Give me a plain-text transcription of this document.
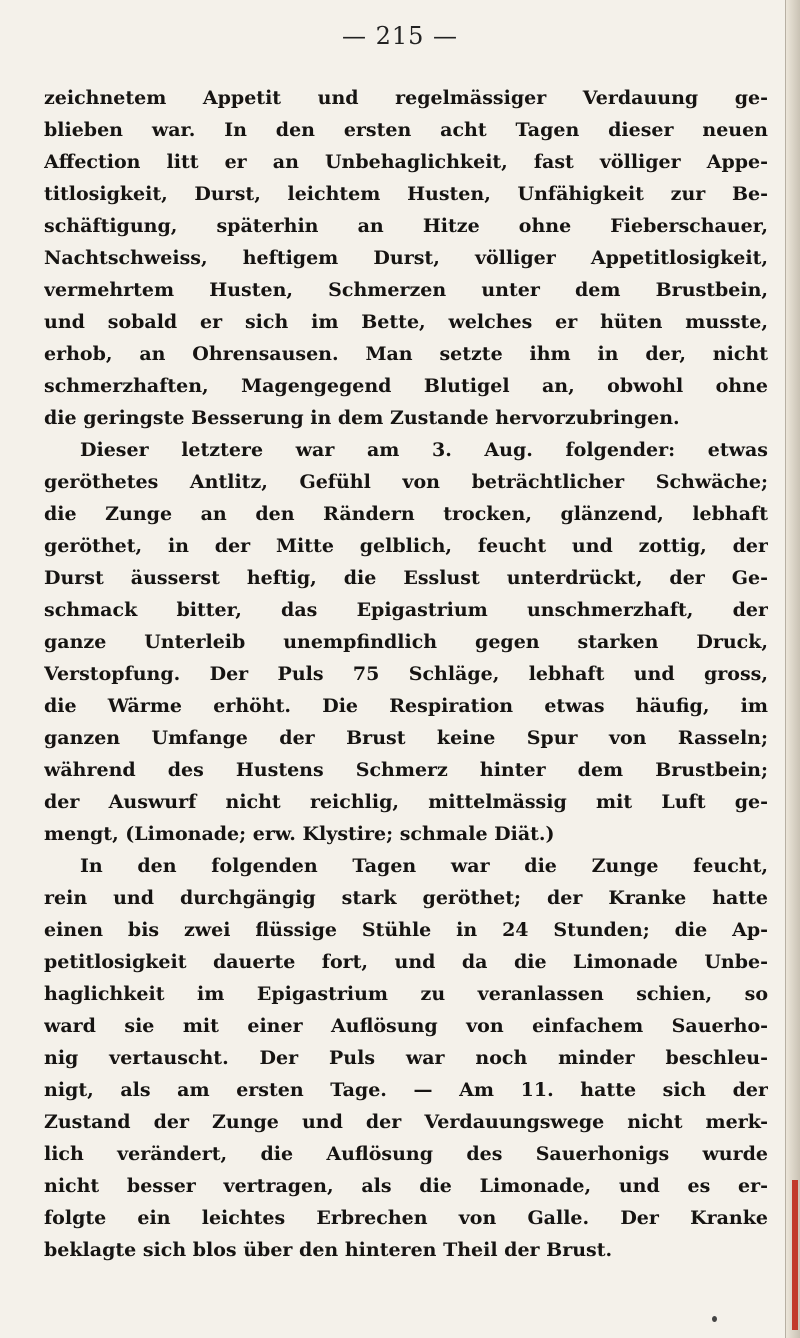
— 215 —
zeichnetem Appetit und regelmässiger Verdauung ge-
blieben war. In den ersten acht Tagen dieser neuen
Affection litt er an Unbehaglichkeit, fast völliger Appe-
titlosigkeit, Durst, leichtem Husten, Unfähigkeit zur Be-
schäftigung, späterhin an Hitze ohne Fieberschauer,
Nachtschweiss, heftigem Durst, völliger Appetitlosigkeit,
vermehrtem Husten, Schmerzen unter dem Brustbein,
und sobald er sich im Bette, welches er hüten musste,
erhob, an Ohrensausen. Man setzte ihm in der, nicht
schmerzhaften, Magengegend Blutigel an, obwohl ohne
die geringste Besserung in dem Zustande hervorzubringen.
Dieser letztere war am 3. Aug. folgender: etwas
geröthetes Antlitz, Gefühl von beträchtlicher Schwäche;
die Zunge an den Rändern trocken, glänzend, lebhaft
geröthet, in der Mitte gelblich, feucht und zottig, der
Durst äusserst heftig, die Esslust unterdrückt, der Ge-
schmack bitter, das Epigastrium unschmerzhaft, der
ganze Unterleib unempfindlich gegen starken Druck,
Verstopfung. Der Puls 75 Schläge, lebhaft und gross,
die Wärme erhöht. Die Respiration etwas häufig, im
ganzen Umfange der Brust keine Spur von Rasseln;
während des Hustens Schmerz hinter dem Brustbein;
der Auswurf nicht reichlig, mittelmässig mit Luft ge-
mengt, (Limonade; erw. Klystire; schmale Diät.)
In den folgenden Tagen war die Zunge feucht,
rein und durchgängig stark geröthet; der Kranke hatte
einen bis zwei flüssige Stühle in 24 Stunden; die Ap-
petitlosigkeit dauerte fort, und da die Limonade Unbe-
haglichkeit im Epigastrium zu veranlassen schien, so
ward sie mit einer Auflösung von einfachem Sauerho-
nig vertauscht. Der Puls war noch minder beschleu-
nigt, als am ersten Tage. — Am 11. hatte sich der
Zustand der Zunge und der Verdauungswege nicht merk-
lich verändert, die Auflösung des Sauerhonigs wurde
nicht besser vertragen, als die Limonade, und es er-
folgte ein leichtes Erbrechen von Galle. Der Kranke
beklagte sich blos über den hinteren Theil der Brust.
